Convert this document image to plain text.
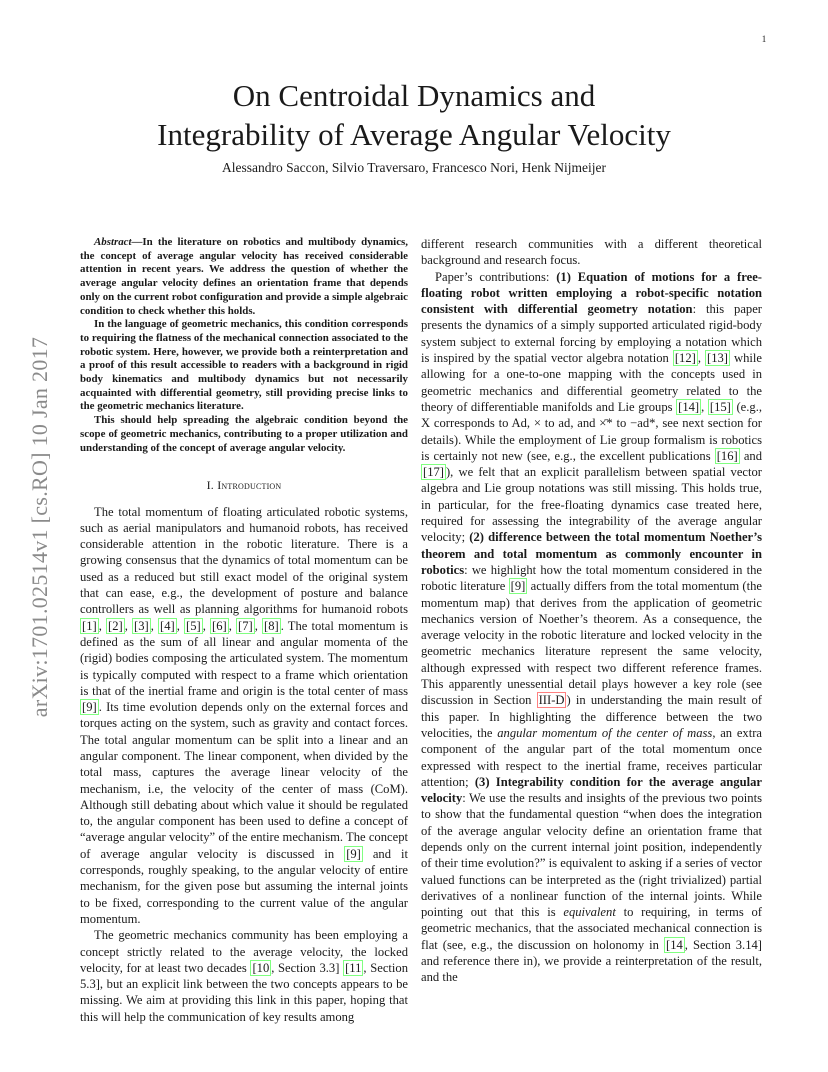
1
arXiv:1701.02514v1 [cs.RO] 10 Jan 2017
On Centroidal Dynamics and
Integrability of Average Angular Velocity
Alessandro Saccon, Silvio Traversaro, Francesco Nori, Henk Nijmeijer

Abstract—In the literature on robotics and multibody dynamics, the concept of average angular velocity has received considerable attention in recent years. We address the question of whether the average angular velocity defines an orientation frame that depends only on the current robot configuration and provide a simple algebraic condition to check whether this holds.

In the language of geometric mechanics, this condition corresponds to requiring the flatness of the mechanical connection associated to the robotic system. Here, however, we provide both a reinterpretation and a proof of this result accessible to readers with a background in rigid body kinematics and multibody dynamics but not necessarily acquainted with differential geometry, still providing precise links to the geometric mechanics literature.

This should help spreading the algebraic condition beyond the scope of geometric mechanics, contributing to a proper utilization and understanding of the concept of average angular velocity.

I. Introduction

The total momentum of floating articulated robotic systems, such as aerial manipulators and humanoid robots, has received considerable attention in the robotic literature. There is a growing consensus that the dynamics of total momentum can be used as a reduced but still exact model of the original system that can ease, e.g., the development of posture and balance controllers as well as planning algorithms for humanoid robots [1] , [2] , [3] , [4] , [5] , [6] , [7] , [8] . The total momentum is defined as the sum of all linear and angular momenta of the (rigid) bodies composing the articulated system. The momentum is typically computed with respect to a frame which orientation is that of the inertial frame and origin is the total center of mass [9] . Its time evolution depends only on the external forces and torques acting on the system, such as gravity and contact forces. The total angular momentum can be split into a linear and an angular component. The linear component, when divided by the total mass, captures the average linear velocity of the mechanism, i.e, the velocity of the center of mass (CoM). Although still debating about which value it should be regulated to, the angular component has been used to define a concept of “average angular velocity” of the entire mechanism. The concept of average angular velocity is discussed in [9] and it corresponds, roughly speaking, to the angular velocity of entire mechanism, for the given pose but assuming the internal joints to be fixed, corresponding to the current value of the angular momentum.

The geometric mechanics community has been employing a concept strictly related to the average velocity, the locked velocity, for at least two decades [10 , Section 3.3] [11 , Section 5.3], but an explicit link between the two concepts appears to be missing. We aim at providing this link in this paper, hoping that this will help the communication of key results among

different research communities with a different theoretical background and research focus.

Paper’s contributions: (1) Equation of motions for a free-floating robot written employing a robot-specific notation consistent with differential geometry notation: this paper presents the dynamics of a simply supported articulated rigid-body system subject to external forcing by employing a notation which is inspired by the spatial vector algebra notation [12] , [13] while allowing for a one-to-one mapping with the concepts used in geometric mechanics and differential geometry related to the theory of differentiable manifolds and Lie groups [14] , [15] (e.g., X corresponds to Ad, × to ad, and ×̄* to −ad*, see next section for details). While the employment of Lie group formalism is robotics is certainly not new (see, e.g., the excellent publications [16] and [17] ), we felt that an explicit parallelism between spatial vector algebra and Lie group notations was still missing. This holds true, in particular, for the free-floating dynamics case treated here, required for assessing the integrability of the average angular velocity; (2) difference between the total momentum Noether’s theorem and total momentum as commonly encounter in robotics: we highlight how the total momentum considered in the robotic literature [9] actually differs from the total momentum (the momentum map) that derives from the application of geometric mechanics version of Noether’s theorem. As a consequence, the average velocity in the robotic literature and locked velocity in the geometric mechanics literature represent the same velocity, although expressed with respect two different reference frames. This apparently unessential detail plays however a key role (see discussion in Section III-D ) in understanding the main result of this paper. In highlighting the difference between the two velocities, the angular momentum of the center of mass, an extra component of the angular part of the total momentum once expressed with respect to the inertial frame, receives particular attention; (3) Integrability condition for the average angular velocity: We use the results and insights of the previous two points to show that the fundamental question “when does the integration of the average angular velocity define an orientation frame that depends only on the current internal joint position, independently of their time evolution?” is equivalent to asking if a series of vector valued functions can be interpreted as the (right trivialized) partial derivatives of a nonlinear function of the internal joints. While pointing out that this is equivalent to requiring, in terms of geometric mechanics, that the associated mechanical connection is flat (see, e.g., the discussion on holonomy in [14 , Section 3.14] and reference there in), we provide a reinterpretation of the result, and the
